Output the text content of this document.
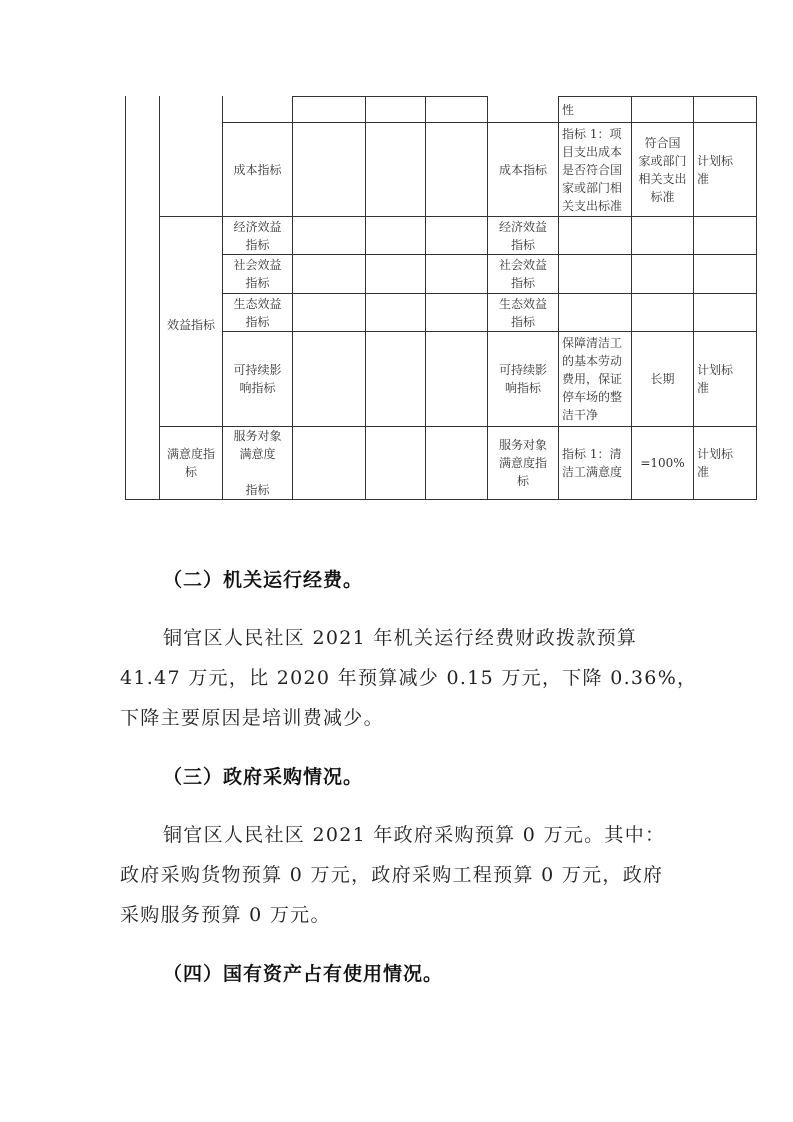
性
成本指标	成本指标
指标 1：项
目支出成本
是否符合国
家或部门相
关支出标准
符合国
家或部门
相关支出
标准
计划标
准
效益指标
经济效益
指标
经济效益
指标
社会效益
指标
社会效益
指标
生态效益
指标
生态效益
指标
可持续影
响指标
可持续影
响指标
保障清洁工
的基本劳动
费用，保证
停车场的整
洁干净
长期
计划标
准
满意度指
标
服务对象
满意度

指标
服务对象
满意度指
标
指标 1：清
洁工满意度
=100%
计划标
准
（二）机关运行经费。
铜官区人民社区 2021 年机关运行经费财政拨款预算
41.47 万元，比 2020 年预算减少 0.15 万元，下降 0.36%，
下降主要原因是培训费减少。
（三）政府采购情况。
铜官区人民社区 2021 年政府采购预算 0 万元。其中：
政府采购货物预算 0 万元，政府采购工程预算 0 万元，政府
采购服务预算 0 万元。
（四）国有资产占有使用情况。
